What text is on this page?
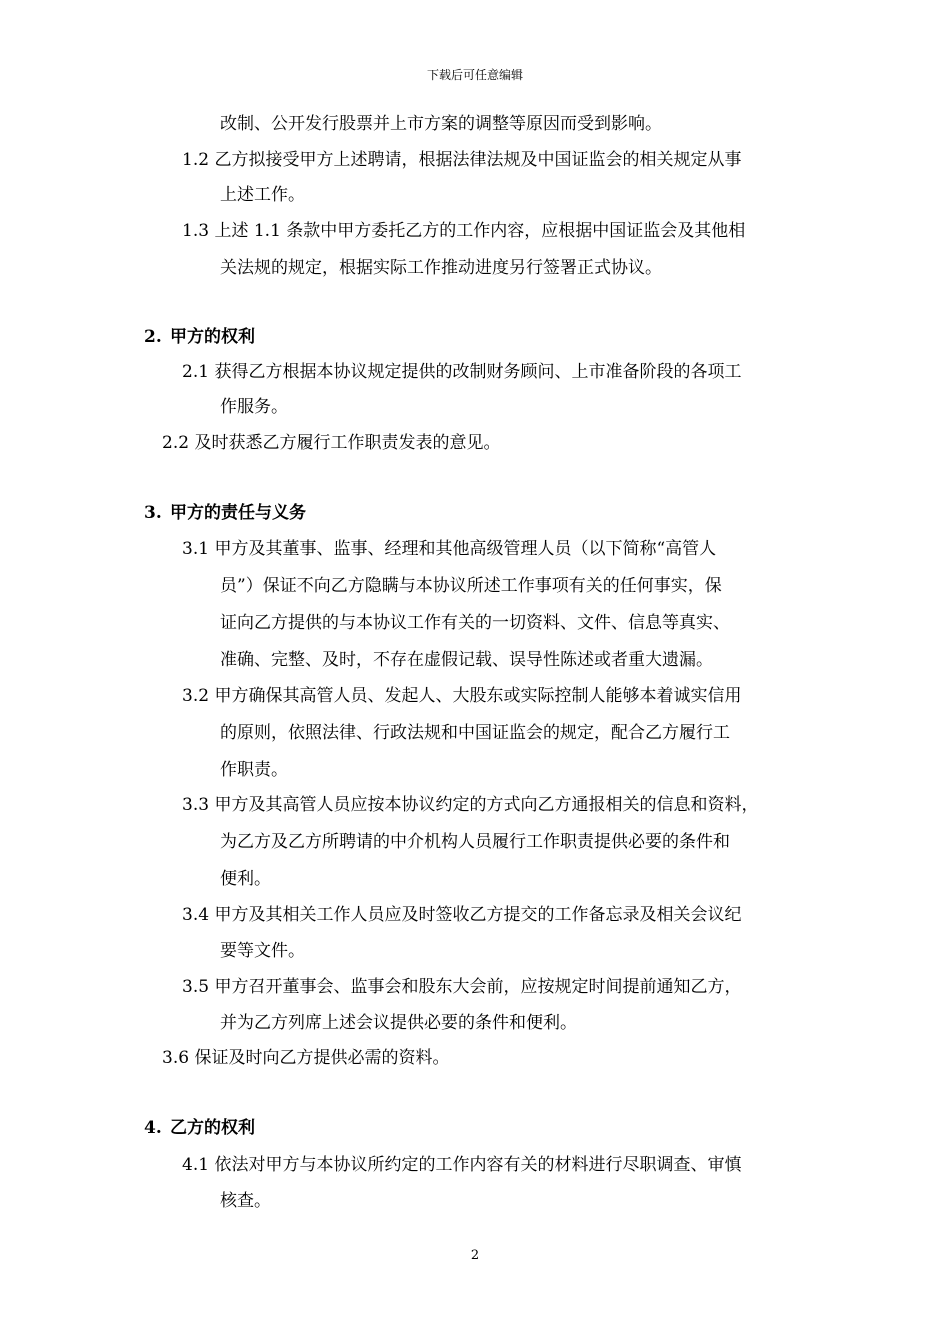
下载后可任意编辑
改制、公开发行股票并上市方案的调整等原因而受到影响。
1.2 乙方拟接受甲方上述聘请，根据法律法规及中国证监会的相关规定从事
上述工作。
1.3 上述 1.1 条款中甲方委托乙方的工作内容，应根据中国证监会及其他相
关法规的规定，根据实际工作推动进度另行签署正式协议。
2. 甲方的权利
2.1 获得乙方根据本协议规定提供的改制财务顾问、上市准备阶段的各项工
作服务。
2.2 及时获悉乙方履行工作职责发表的意见。
3. 甲方的责任与义务
3.1 甲方及其董事、监事、经理和其他高级管理人员（以下简称“高管人
员”）保证不向乙方隐瞒与本协议所述工作事项有关的任何事实，保
证向乙方提供的与本协议工作有关的一切资料、文件、信息等真实、
准确、完整、及时，不存在虚假记载、误导性陈述或者重大遗漏。
3.2 甲方确保其高管人员、发起人、大股东或实际控制人能够本着诚实信用
的原则，依照法律、行政法规和中国证监会的规定，配合乙方履行工
作职责。
3.3 甲方及其高管人员应按本协议约定的方式向乙方通报相关的信息和资料，
为乙方及乙方所聘请的中介机构人员履行工作职责提供必要的条件和
便利。
3.4 甲方及其相关工作人员应及时签收乙方提交的工作备忘录及相关会议纪
要等文件。
3.5 甲方召开董事会、监事会和股东大会前，应按规定时间提前通知乙方，
并为乙方列席上述会议提供必要的条件和便利。
3.6 保证及时向乙方提供必需的资料。
4. 乙方的权利
4.1 依法对甲方与本协议所约定的工作内容有关的材料进行尽职调查、审慎
核查。
2
